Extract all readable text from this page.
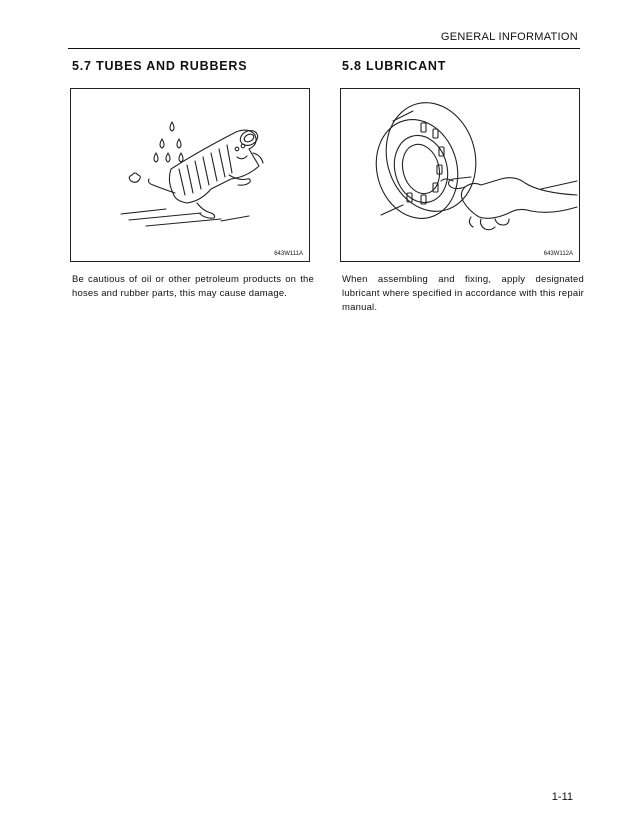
GENERAL INFORMATION
5.7 TUBES AND RUBBERS
643W111A

Be cautious of oil or other petroleum products on the hoses and rubber parts, this may cause damage.

5.8 LUBRICANT
643W112A

When assembling and fixing, apply designated lubricant where specified in accordance with this repair manual.

1-11
